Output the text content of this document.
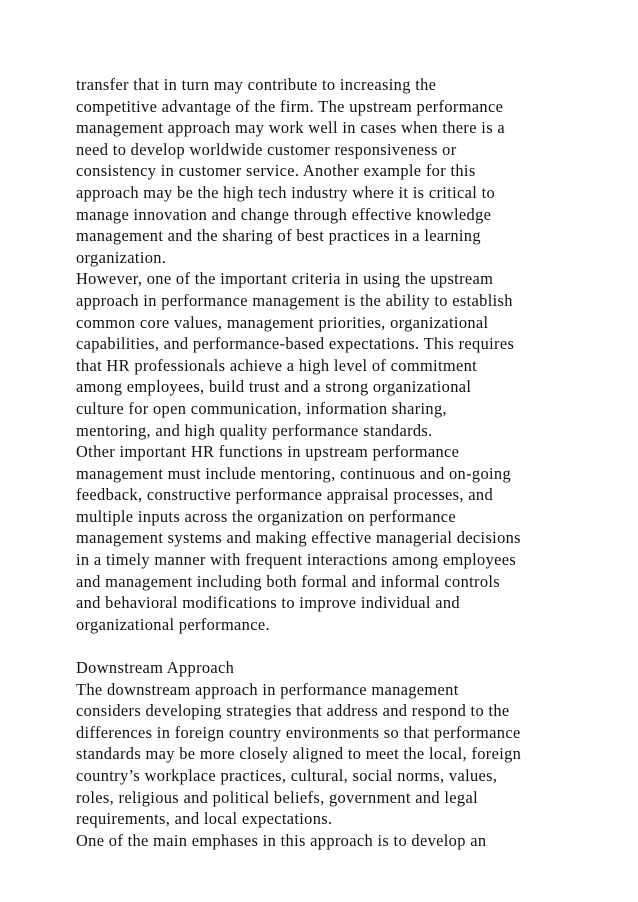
transfer that in turn may contribute to increasing the
competitive advantage of the firm. The upstream performance
management approach may work well in cases when there is a
need to develop worldwide customer responsiveness or
consistency in customer service. Another example for this
approach may be the high tech industry where it is critical to
manage innovation and change through effective knowledge
management and the sharing of best practices in a learning
organization.
However, one of the important criteria in using the upstream
approach in performance management is the ability to establish
common core values, management priorities, organizational
capabilities, and performance-based expectations. This requires
that HR professionals achieve a high level of commitment
among employees, build trust and a strong organizational
culture for open communication, information sharing,
mentoring, and high quality performance standards.
Other important HR functions in upstream performance
management must include mentoring, continuous and on-going
feedback, constructive performance appraisal processes, and
multiple inputs across the organization on performance
management systems and making effective managerial decisions
in a timely manner with frequent interactions among employees
and management including both formal and informal controls
and behavioral modifications to improve individual and
organizational performance.
Downstream Approach
The downstream approach in performance management
considers developing strategies that address and respond to the
differences in foreign country environments so that performance
standards may be more closely aligned to meet the local, foreign
country’s workplace practices, cultural, social norms, values,
roles, religious and political beliefs, government and legal
requirements, and local expectations.
One of the main emphases in this approach is to develop an
